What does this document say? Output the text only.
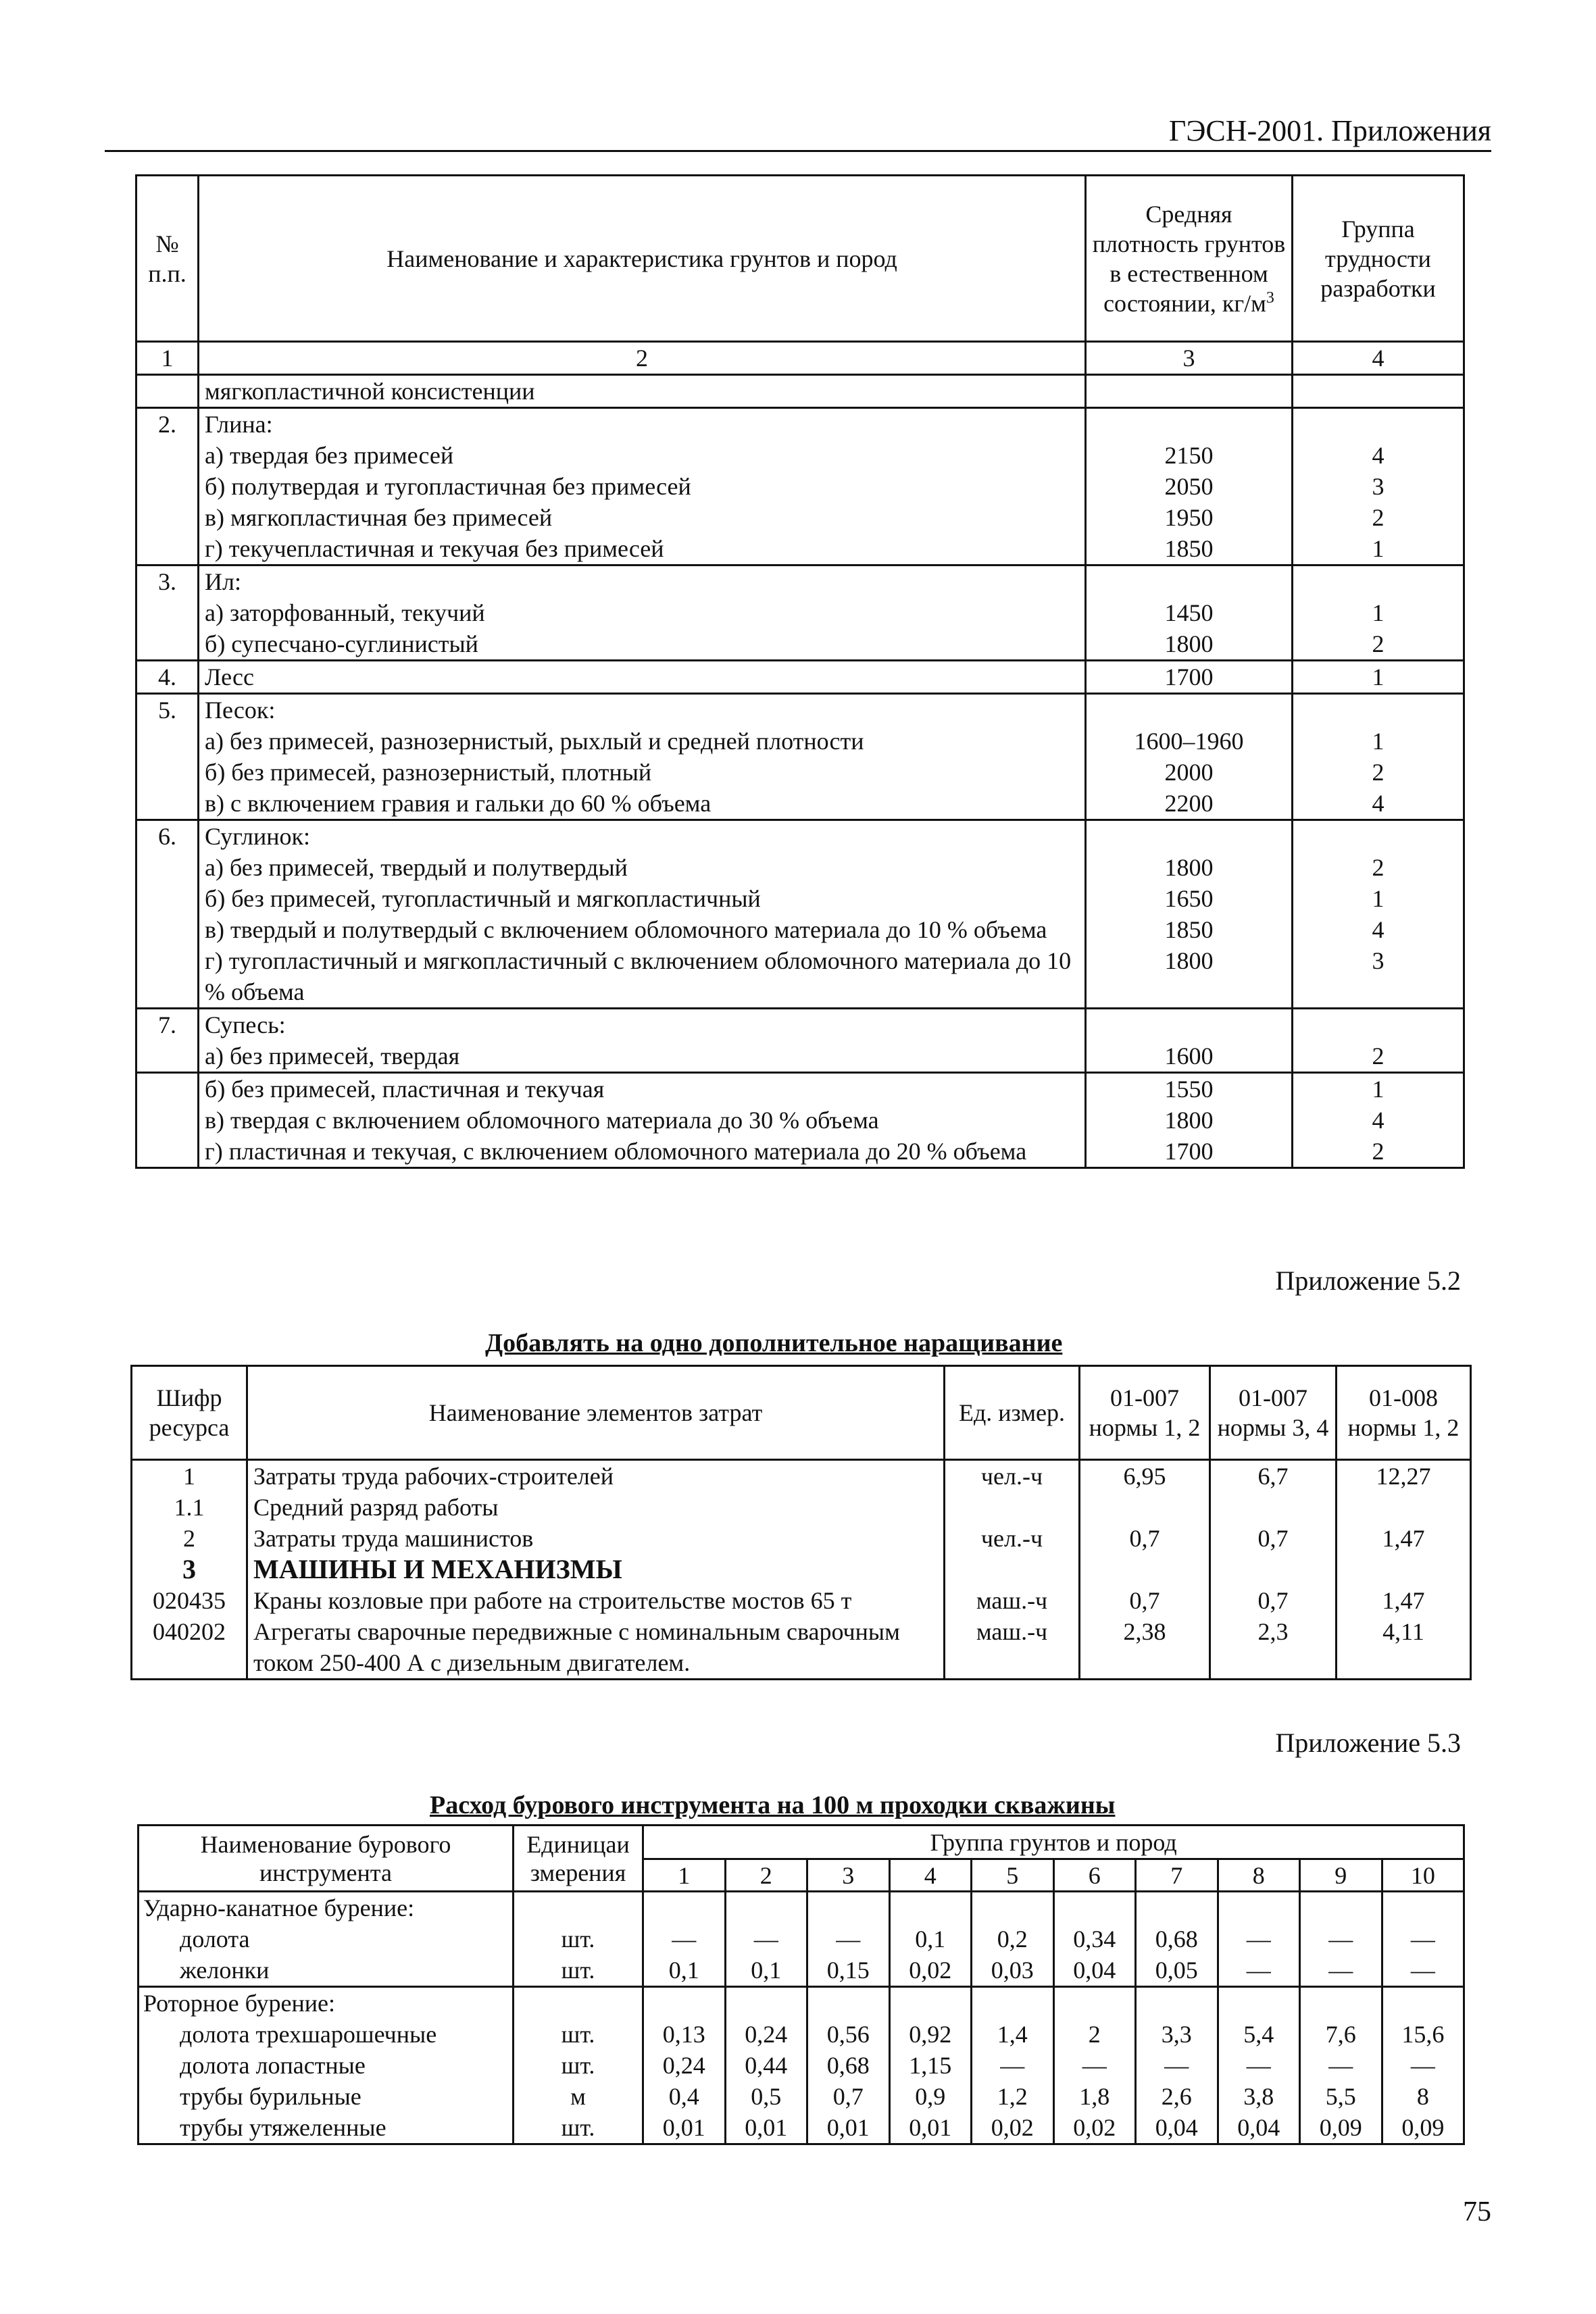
ГЭСН-2001. Приложения
№ п.п.	Наименование и характеристика грунтов и пород	Средняя плотность грунтов в естественном состоянии, $кг/м^3$	Группа трудности разработки
1	2	3	4
	мягкопластичной консистенции		
2.	Глина:		
	а) твердая без примесей	2150	4
	б) полутвердая и тугопластичная без примесей	2050	3
	в) мягкопластичная без примесей	1950	2
	г) текучепластичная и текучая без примесей	1850	1
3.	Ил:		
	а) заторфованный, текучий	1450	1
	б) супесчано-суглинистый	1800	2
4.	Лесс	1700	1
5.	Песок:		
	а) без примесей, разнозернистый, рыхлый и средней плотности	1600–1960	1
	б) без примесей, разнозернистый, плотный	2000	2
	в) с включением гравия и гальки до 60 % объема	2200	4
6.	Суглинок:		
	а) без примесей, твердый и полутвердый	1800	2
	б) без примесей, тугопластичный и мягкопластичный	1650	1
	в) твердый и полутвердый с включением обломочного материала до 10 % объема	1850	4
	г) тугопластичный и мягкопластичный с включением обломочного материала до 10 % объема	1800	3
7.	Супесь:		
	а) без примесей, твердая	1600	2
	б) без примесей, пластичная и текучая	1550	1
	в) твердая с включением обломочного материала до 30 % объема	1800	4
	г) пластичная и текучая, с включением обломочного материала до 20 % объема	1700	2
Приложение 5.2
Добавлять на одно дополнительное наращивание
Шифр ресурса	Наименование элементов затрат	Ед. измер.	01-007 нормы 1, 2	01-007 нормы 3, 4	01-008 нормы 1, 2
1	Затраты труда рабочих-строителей	чел.-ч	6,95	6,7	12,27
1.1	Средний разряд работы				
2	Затраты труда машинистов	чел.-ч	0,7	0,7	1,47
3	МАШИНЫ И МЕХАНИЗМЫ				
020435	Краны козловые при работе на строительстве мостов 65 т	маш.-ч	0,7	0,7	1,47
040202	Агрегаты сварочные передвижные с номинальным сварочным током 250-400 А с дизельным двигателем.	маш.-ч	2,38	2,3	4,11
Приложение 5.3
Расход бурового инструмента на 100 м проходки скважины
Наименование бурового инструмента	Единицаи змерения	Группа грунтов и пород									
		1	2	3	4	5	6	7	8	9	10
Ударно-канатное бурение:											
долота	шт.	—	—	—	0,1	0,2	0,34	0,68	—	—	—
желонки	шт.	0,1	0,1	0,15	0,02	0,03	0,04	0,05	—	—	—
Роторное бурение:											
долота трехшарошечные	шт.	0,13	0,24	0,56	0,92	1,4	2	3,3	5,4	7,6	15,6
долота лопастные	шт.	0,24	0,44	0,68	1,15	—	—	—	—	—	—
трубы бурильные	м	0,4	0,5	0,7	0,9	1,2	1,8	2,6	3,8	5,5	8
трубы утяжеленные	шт.	0,01	0,01	0,01	0,01	0,02	0,02	0,04	0,04	0,09	0,09
75
